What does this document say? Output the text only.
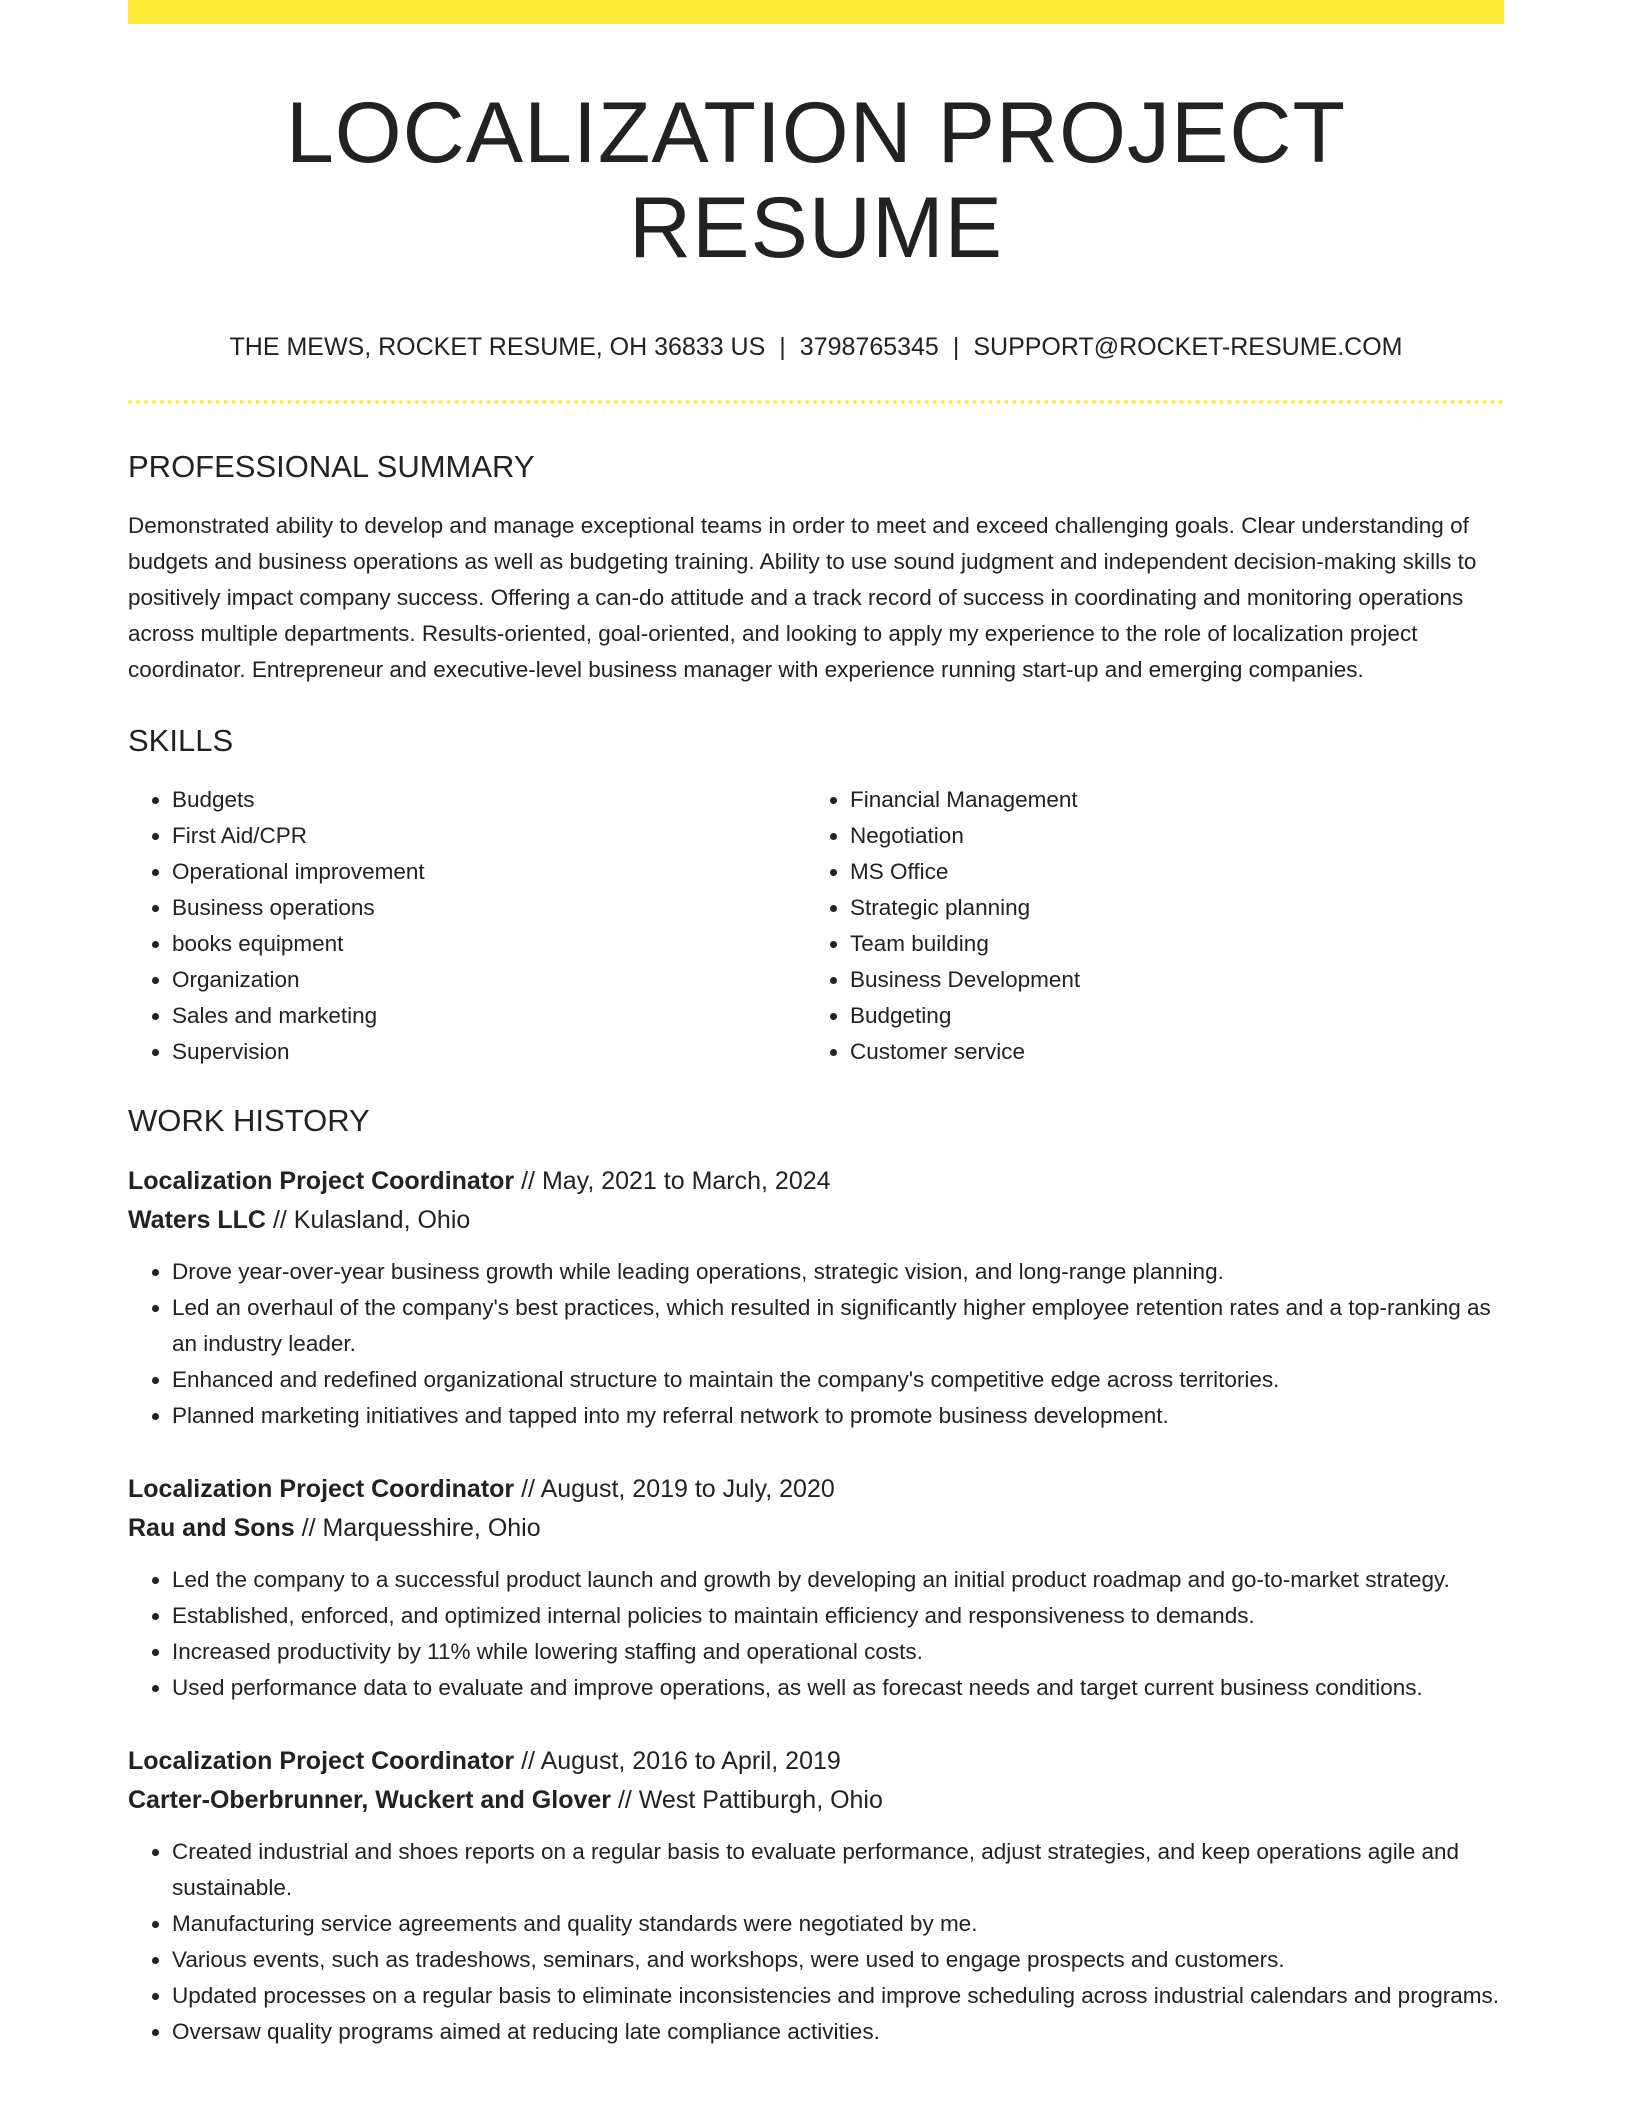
LOCALIZATION PROJECT RESUME
THE MEWS, ROCKET RESUME, OH 36833 US | 3798765345 | SUPPORT@ROCKET-RESUME.COM
PROFESSIONAL SUMMARY

Demonstrated ability to develop and manage exceptional teams in order to meet and exceed challenging goals. Clear understanding of budgets and business operations as well as budgeting training. Ability to use sound judgment and independent decision-making skills to positively impact company success. Offering a can-do attitude and a track record of success in coordinating and monitoring operations across multiple departments. Results-oriented, goal-oriented, and looking to apply my experience to the role of localization project coordinator. Entrepreneur and executive-level business manager with experience running start-up and emerging companies.

SKILLS
• Budgets
• First Aid/CPR
• Operational improvement
• Business operations
• books equipment
• Organization
• Sales and marketing
• Supervision
• Financial Management
• Negotiation
• MS Office
• Strategic planning
• Team building
• Business Development
• Budgeting
• Customer service
WORK HISTORY
Localization Project Coordinator // May, 2021 to March, 2024
Waters LLC // Kulasland, Ohio
• Drove year-over-year business growth while leading operations, strategic vision, and long-range planning.
• Led an overhaul of the company's best practices, which resulted in significantly higher employee retention rates and a top-ranking as an industry leader.
• Enhanced and redefined organizational structure to maintain the company's competitive edge across territories.
• Planned marketing initiatives and tapped into my referral network to promote business development.
Localization Project Coordinator // August, 2019 to July, 2020
Rau and Sons // Marquesshire, Ohio
• Led the company to a successful product launch and growth by developing an initial product roadmap and go-to-market strategy.
• Established, enforced, and optimized internal policies to maintain efficiency and responsiveness to demands.
• Increased productivity by 11% while lowering staffing and operational costs.
• Used performance data to evaluate and improve operations, as well as forecast needs and target current business conditions.
Localization Project Coordinator // August, 2016 to April, 2019
Carter-Oberbrunner, Wuckert and Glover // West Pattiburgh, Ohio
• Created industrial and shoes reports on a regular basis to evaluate performance, adjust strategies, and keep operations agile and sustainable.
• Manufacturing service agreements and quality standards were negotiated by me.
• Various events, such as tradeshows, seminars, and workshops, were used to engage prospects and customers.
• Updated processes on a regular basis to eliminate inconsistencies and improve scheduling across industrial calendars and programs.
• Oversaw quality programs aimed at reducing late compliance activities.
